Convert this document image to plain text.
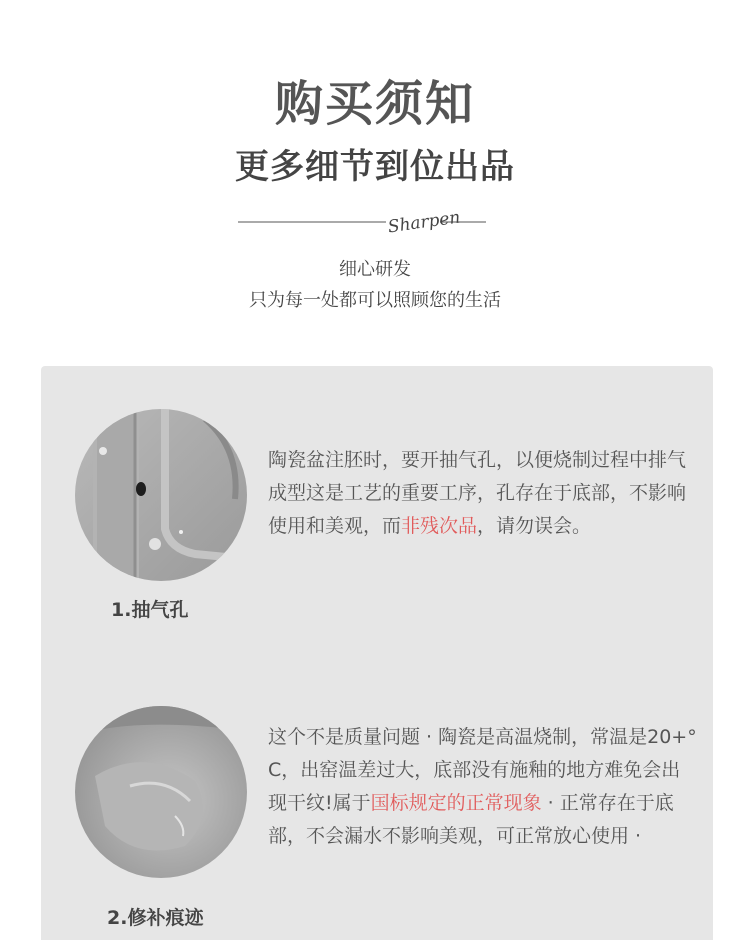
购买须知
更多细节到位出品
Sharpen
细心研发
只为每一处都可以照顾您的生活
1.抽气孔
陶瓷盆注胚时，要开抽气孔，以便烧制过程中排气成型这是工艺的重要工序，孔存在于底部，不影响使用和美观，而非残次品，请勿误会。
2.修补痕迹
这个不是质量问题 · 陶瓷是高温烧制，常温是20+° C，出窑温差过大，底部没有施釉的地方难免会出现干纹!属于国标规定的正常现象 · 正常存在于底部，不会漏水不影响美观，可正常放心使用 ·
